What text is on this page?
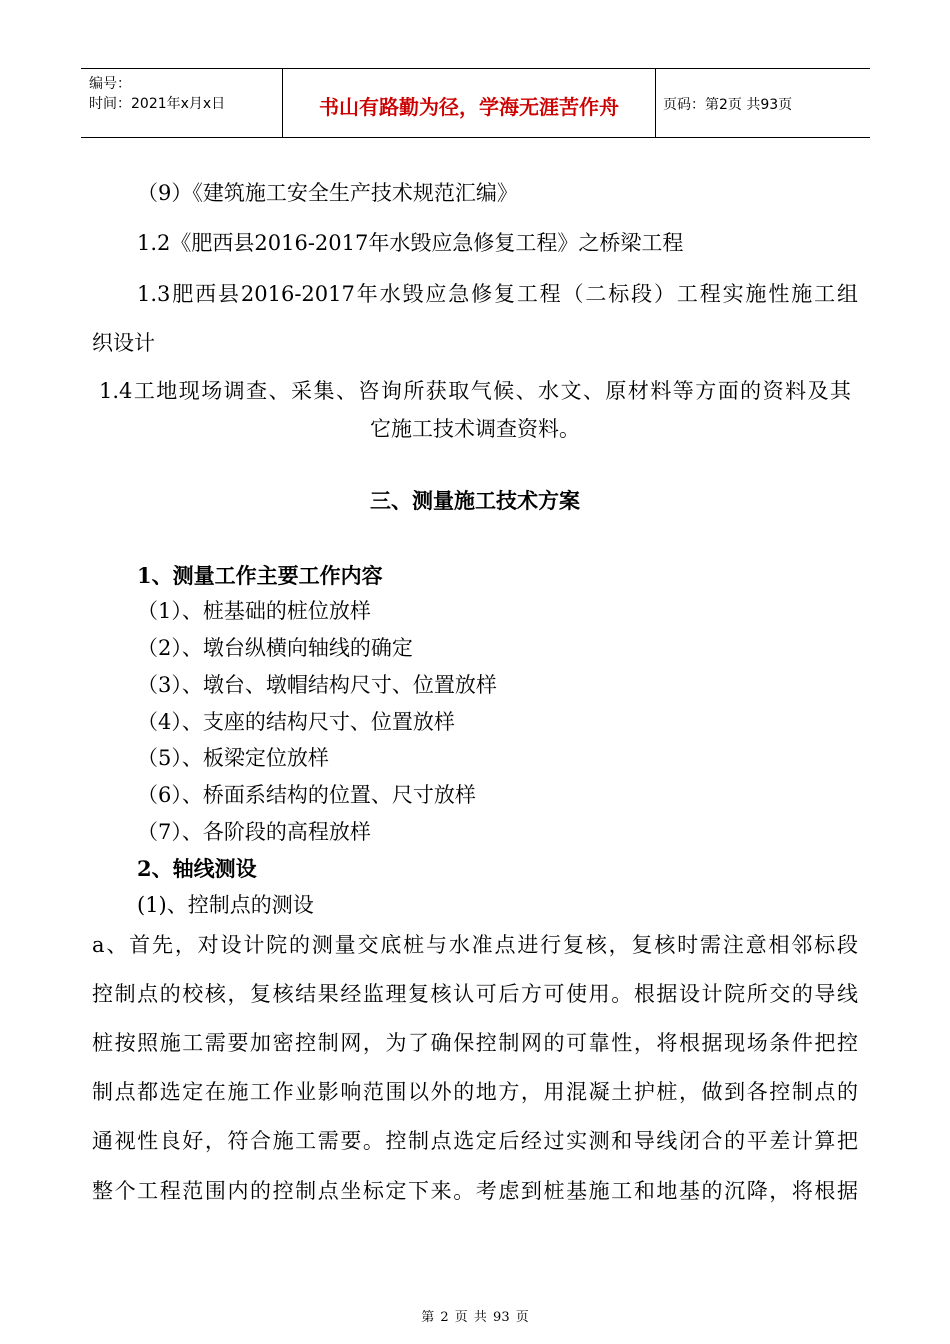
编号：
时间：2021年x月x日	书山有路勤为径，学海无涯苦作舟	页码：第2页 共93页
（9）《建筑施工安全生产技术规范汇编》
1.2《肥西县2016-2017年水毁应急修复工程》之桥梁工程
1.3肥西县2016-2017年水毁应急修复工程（二标段）工程实施性施工组
织设计
1.4工地现场调查、采集、咨询所获取气候、水文、原材料等方面的资料及其
它施工技术调查资料。
三、测量施工技术方案
1、测量工作主要工作内容
（1）、桩基础的桩位放样
（2）、墩台纵横向轴线的确定
（3）、墩台、墩帽结构尺寸、位置放样
（4）、支座的结构尺寸、位置放样
（5）、板梁定位放样
（6）、桥面系结构的位置、尺寸放样
（7）、各阶段的高程放样
2、轴线测设
(1)、控制点的测设
a、首先，对设计院的测量交底桩与水准点进行复核，复核时需注意相邻标段
控制点的校核，复核结果经监理复核认可后方可使用。根据设计院所交的导线
桩按照施工需要加密控制网，为了确保控制网的可靠性，将根据现场条件把控
制点都选定在施工作业影响范围以外的地方，用混凝土护桩，做到各控制点的
通视性良好，符合施工需要。控制点选定后经过实测和导线闭合的平差计算把
整个工程范围内的控制点坐标定下来。考虑到桩基施工和地基的沉降，将根据
第 2 页 共 93 页
